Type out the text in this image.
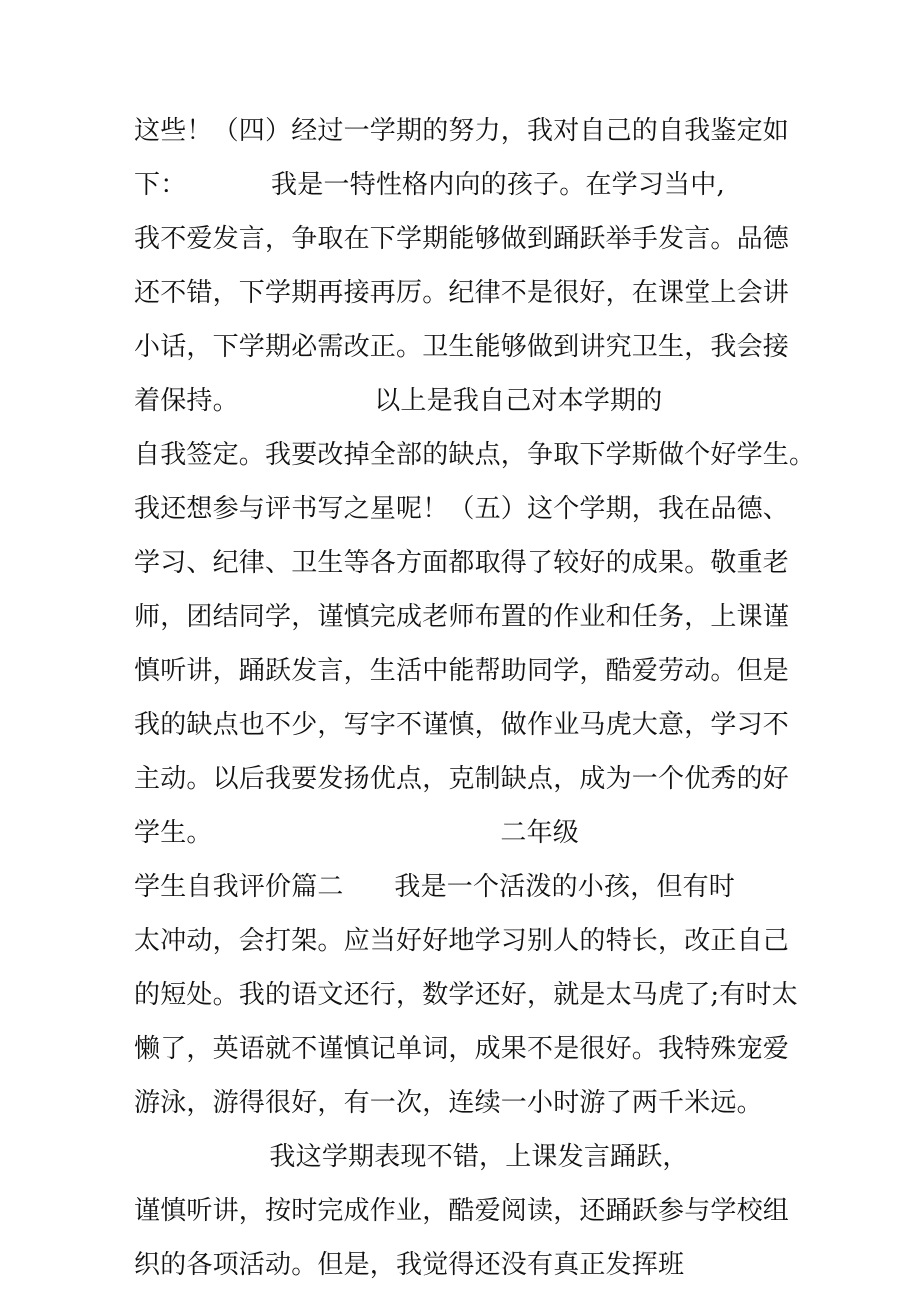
这些！（四）经过一学期的努力，我对自己的自我鉴定如
下：          我是一特性格内向的孩子。在学习当中,
我不爱发言，争取在下学期能够做到踊跃举手发言。品德
还不错，下学期再接再厉。纪律不是很好，在课堂上会讲
小话，下学期必需改正。卫生能够做到讲究卫生，我会接
着保持。                以上是我自己对本学期的
自我签定。我要改掉全部的缺点，争取下学斯做个好学生。
我还想参与评书写之星呢！（五）这个学期，我在品德、
学习、纪律、卫生等各方面都取得了较好的成果。敬重老
师，团结同学，谨慎完成老师布置的作业和任务，上课谨
慎听讲，踊跃发言，生活中能帮助同学，酷爱劳动。但是
我的缺点也不少，写字不谨慎，做作业马虎大意，学习不
主动。以后我要发扬优点，克制缺点，成为一个优秀的好
学生。                                  二年级
学生自我评价篇二      我是一个活泼的小孩，但有时
太冲动，会打架。应当好好地学习别人的特长，改正自己
的短处。我的语文还行，数学还好，就是太马虎了;有时太
懒了，英语就不谨慎记单词，成果不是很好。我特殊宠爱
游泳，游得很好，有一次，连续一小时游了两千米远。
我这学期表现不错，上课发言踊跃，
谨慎听讲，按时完成作业，酷爱阅读，还踊跃参与学校组
织的各项活动。但是，我觉得还没有真正发挥班
